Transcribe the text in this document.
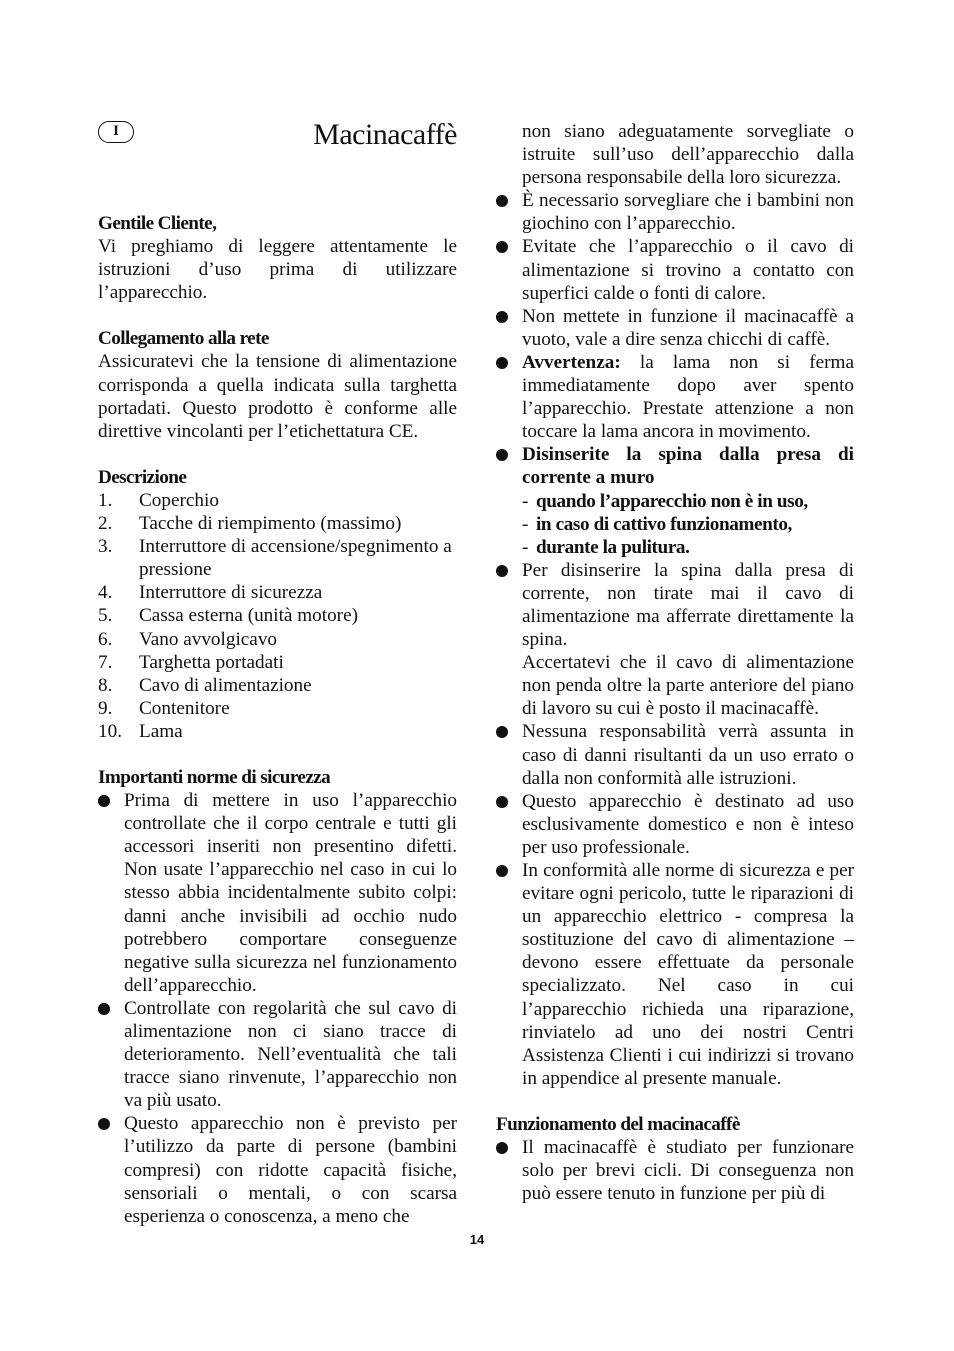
I	Macinacaffè

Gentile Cliente,

Vi preghiamo di leggere attentamente le istruzioni d’uso prima di utilizzare l’apparecchio.

Collegamento alla rete

Assicuratevi che la tensione di alimentazione corrisponda a quella indicata sulla targhetta portadati. Questo prodotto è conforme alle direttive vincolanti per l’etichettatura CE.

Descrizione

1. Coperchio
2. Tacche di riempimento (massimo)
3. Interruttore di accensione/spegnimento a pressione
4. Interruttore di sicurezza
5. Cassa esterna (unità motore)
6. Vano avvolgicavo
7. Targhetta portadati
8. Cavo di alimentazione
9. Contenitore
10. Lama

Importanti norme di sicurezza

Prima di mettere in uso l’apparecchio controllate che il corpo centrale e tutti gli accessori inseriti non presentino difetti. Non usate l’apparecchio nel caso in cui lo stesso abbia incidentalmente subito colpi: danni anche invisibili ad occhio nudo potrebbero comportare conseguenze negative sulla sicurezza nel funzionamento dell’apparecchio.
Controllate con regolarità che sul cavo di alimentazione non ci siano tracce di deterioramento. Nell’eventualità che tali tracce siano rinvenute, l’apparecchio non va più usato.
Questo apparecchio non è previsto per l’utilizzo da parte di persone (bambini compresi) con ridotte capacità fisiche, sensoriali o mentali, o con scarsa esperienza o conoscenza, a meno che

non siano adeguatamente sorvegliate o istruite sull’uso dell’apparecchio dalla persona responsabile della loro sicurezza.

È necessario sorvegliare che i bambini non giochino con l’apparecchio.
Evitate che l’apparecchio o il cavo di alimentazione si trovino a contatto con superfici calde o fonti di calore.
Non mettete in funzione il macinacaffè a vuoto, vale a dire senza chicchi di caffè.
Avvertenza: la lama non si ferma immediatamente dopo aver spento l’apparecchio. Prestate attenzione a non toccare la lama ancora in movimento.
Disinserite la spina dalla presa di corrente a muro
- quando l’apparecchio non è in uso,
- in caso di cattivo funzionamento,
- durante la pulitura.
Per disinserire la spina dalla presa di corrente, non tirate mai il cavo di alimentazione ma afferrate direttamente la spina.
Accertatevi che il cavo di alimentazione non penda oltre la parte anteriore del piano di lavoro su cui è posto il macinacaffè.
Nessuna responsabilità verrà assunta in caso di danni risultanti da un uso errato o dalla non conformità alle istruzioni.
Questo apparecchio è destinato ad uso esclusivamente domestico e non è inteso per uso professionale.
In conformità alle norme di sicurezza e per evitare ogni pericolo, tutte le riparazioni di un apparecchio elettrico - compresa la sostituzione del cavo di alimentazione – devono essere effettuate da personale specializzato. Nel caso in cui l’apparecchio richieda una riparazione, rinviatelo ad uno dei nostri Centri Assistenza Clienti i cui indirizzi si trovano in appendice al presente manuale.

Funzionamento del macinacaffè

Il macinacaffè è studiato per funzionare solo per brevi cicli. Di conseguenza non può essere tenuto in funzione per più di
14
